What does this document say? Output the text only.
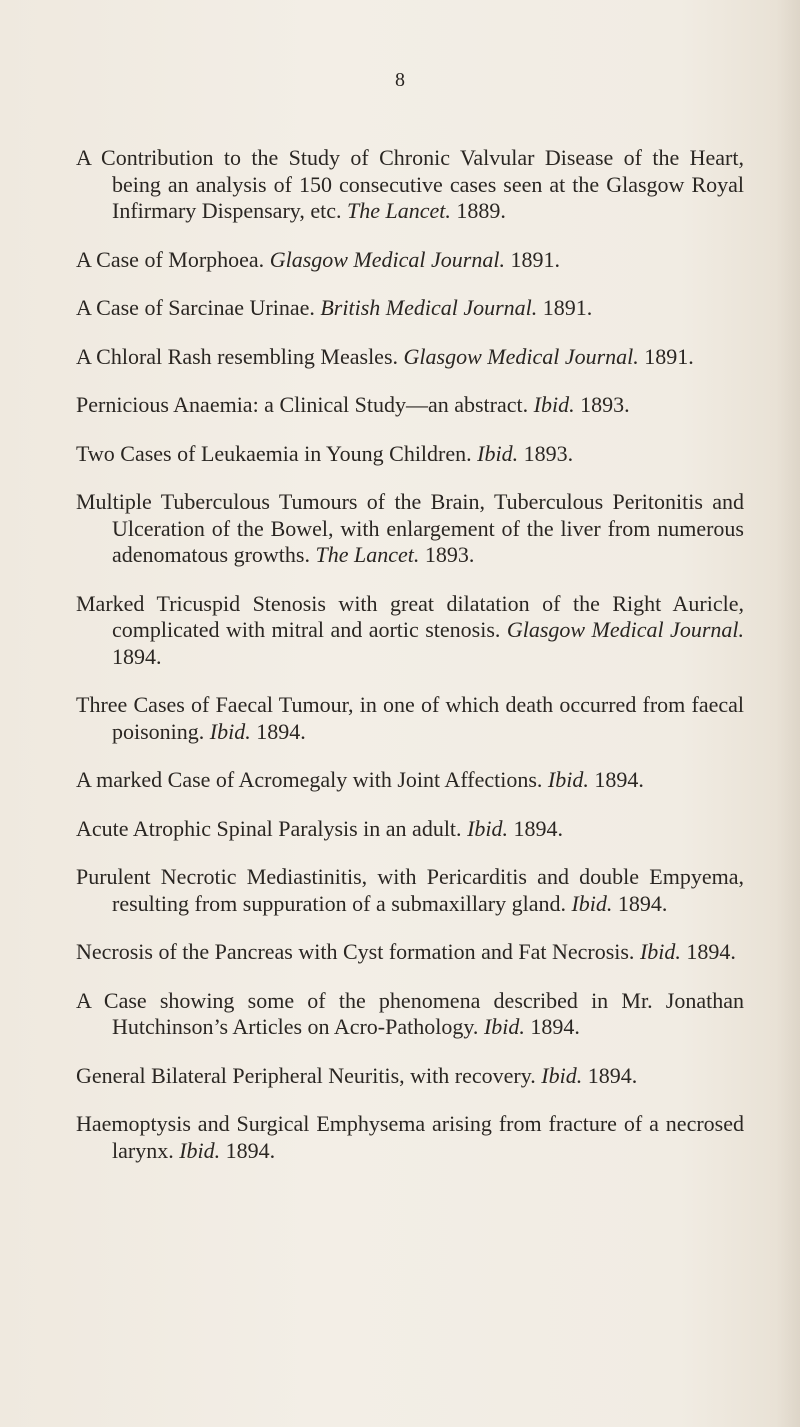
8

A Contribution to the Study of Chronic Valvular Disease of the Heart, being an analysis of 150 consecutive cases seen at the Glasgow Royal Infirmary Dispensary, etc. The Lancet. 1889.

A Case of Morphoea. Glasgow Medical Journal. 1891.

A Case of Sarcinae Urinae. British Medical Journal. 1891.

A Chloral Rash resembling Measles. Glasgow Medical Journal. 1891.

Pernicious Anaemia: a Clinical Study—an abstract. Ibid. 1893.

Two Cases of Leukaemia in Young Children. Ibid. 1893.

Multiple Tuberculous Tumours of the Brain, Tuberculous Peritonitis and Ulceration of the Bowel, with enlargement of the liver from numerous adenomatous growths. The Lancet. 1893.

Marked Tricuspid Stenosis with great dilatation of the Right Auricle, complicated with mitral and aortic stenosis. Glasgow Medical Journal. 1894.

Three Cases of Faecal Tumour, in one of which death occurred from faecal poisoning. Ibid. 1894.

A marked Case of Acromegaly with Joint Affections. Ibid. 1894.

Acute Atrophic Spinal Paralysis in an adult. Ibid. 1894.

Purulent Necrotic Mediastinitis, with Pericarditis and double Empyema, resulting from suppuration of a submaxillary gland. Ibid. 1894.

Necrosis of the Pancreas with Cyst formation and Fat Necrosis. Ibid. 1894.

A Case showing some of the phenomena described in Mr. Jonathan Hutchinson’s Articles on Acro-Pathology. Ibid. 1894.

General Bilateral Peripheral Neuritis, with recovery. Ibid. 1894.

Haemoptysis and Surgical Emphysema arising from fracture of a necrosed larynx. Ibid. 1894.
